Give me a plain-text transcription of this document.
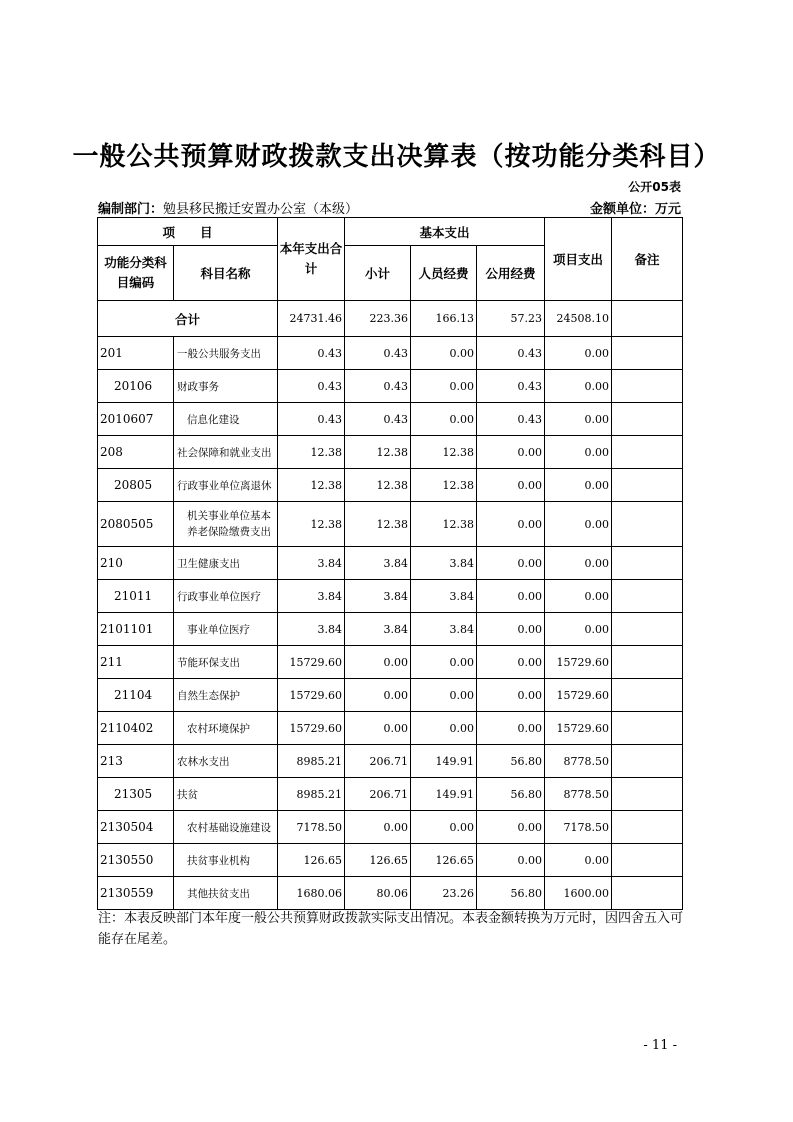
一般公共预算财政拨款支出决算表（按功能分类科目）
公开05表
编制部门：勉县移民搬迁安置办公室（本级）	金额单位：万元
项　　目		本年支出合计	基本支出			项目支出	备注
功能分类科目编码	科目名称		小计	人员经费	公用经费		
合计		24731.46	223.36	166.13	57.23	24508.10	
201	一般公共服务支出	0.43	0.43	0.00	0.43	0.00	
20106	财政事务	0.43	0.43	0.00	0.43	0.00	
2010607	信息化建设	0.43	0.43	0.00	0.43	0.00	
208	社会保障和就业支出	12.38	12.38	12.38	0.00	0.00	
20805	行政事业单位离退休	12.38	12.38	12.38	0.00	0.00	
2080505	机关事业单位基本养老保险缴费支出	12.38	12.38	12.38	0.00	0.00	
210	卫生健康支出	3.84	3.84	3.84	0.00	0.00	
21011	行政事业单位医疗	3.84	3.84	3.84	0.00	0.00	
2101101	事业单位医疗	3.84	3.84	3.84	0.00	0.00	
211	节能环保支出	15729.60	0.00	0.00	0.00	15729.60	
21104	自然生态保护	15729.60	0.00	0.00	0.00	15729.60	
2110402	农村环境保护	15729.60	0.00	0.00	0.00	15729.60	
213	农林水支出	8985.21	206.71	149.91	56.80	8778.50	
21305	扶贫	8985.21	206.71	149.91	56.80	8778.50	
2130504	农村基础设施建设	7178.50	0.00	0.00	0.00	7178.50	
2130550	扶贫事业机构	126.65	126.65	126.65	0.00	0.00	
2130559	其他扶贫支出	1680.06	80.06	23.26	56.80	1600.00	
注：本表反映部门本年度一般公共预算财政拨款实际支出情况。本表金额转换为万元时，因四舍五入可能存在尾差。
- 11 -
